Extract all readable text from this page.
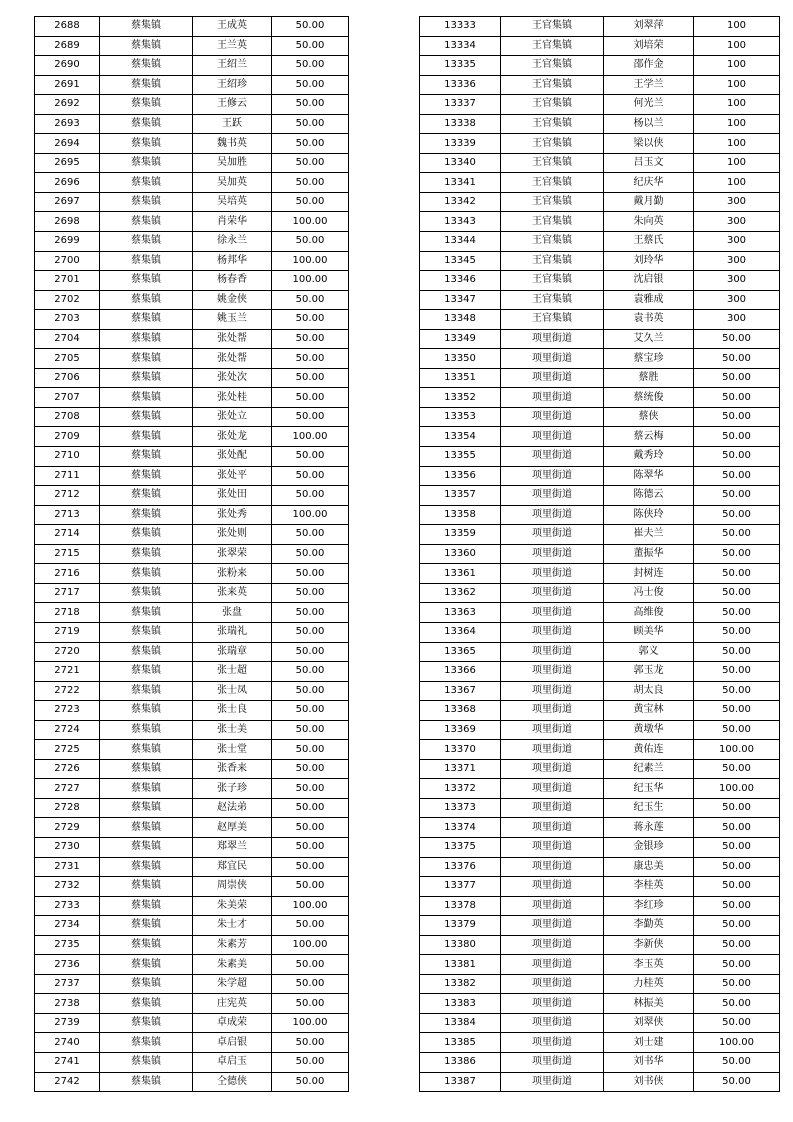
2688	蔡集镇	王成英	50.00
2689	蔡集镇	王兰英	50.00
2690	蔡集镇	王绍兰	50.00
2691	蔡集镇	王绍珍	50.00
2692	蔡集镇	王修云	50.00
2693	蔡集镇	王跃	50.00
2694	蔡集镇	魏书英	50.00
2695	蔡集镇	吴加胜	50.00
2696	蔡集镇	吴加英	50.00
2697	蔡集镇	吴培英	50.00
2698	蔡集镇	肖荣华	100.00
2699	蔡集镇	徐永兰	50.00
2700	蔡集镇	杨邦华	100.00
2701	蔡集镇	杨春香	100.00
2702	蔡集镇	姚金侠	50.00
2703	蔡集镇	姚玉兰	50.00
2704	蔡集镇	张处帮	50.00
2705	蔡集镇	张处帮	50.00
2706	蔡集镇	张处次	50.00
2707	蔡集镇	张处桂	50.00
2708	蔡集镇	张处立	50.00
2709	蔡集镇	张处龙	100.00
2710	蔡集镇	张处配	50.00
2711	蔡集镇	张处平	50.00
2712	蔡集镇	张处田	50.00
2713	蔡集镇	张处秀	100.00
2714	蔡集镇	张处则	50.00
2715	蔡集镇	张翠荣	50.00
2716	蔡集镇	张粉来	50.00
2717	蔡集镇	张来英	50.00
2718	蔡集镇	张盘	50.00
2719	蔡集镇	张瑞礼	50.00
2720	蔡集镇	张瑞章	50.00
2721	蔡集镇	张士超	50.00
2722	蔡集镇	张士凤	50.00
2723	蔡集镇	张士良	50.00
2724	蔡集镇	张士美	50.00
2725	蔡集镇	张士堂	50.00
2726	蔡集镇	张香来	50.00
2727	蔡集镇	张子珍	50.00
2728	蔡集镇	赵法弟	50.00
2729	蔡集镇	赵厚美	50.00
2730	蔡集镇	郑翠兰	50.00
2731	蔡集镇	郑宜民	50.00
2732	蔡集镇	周崇侠	50.00
2733	蔡集镇	朱美荣	100.00
2734	蔡集镇	朱士才	50.00
2735	蔡集镇	朱素芳	100.00
2736	蔡集镇	朱素美	50.00
2737	蔡集镇	朱学超	50.00
2738	蔡集镇	庄宪英	50.00
2739	蔡集镇	卓成荣	100.00
2740	蔡集镇	卓启银	50.00
2741	蔡集镇	卓启玉	50.00
2742	蔡集镇	仝德侠	50.00
13333	王官集镇	刘翠萍	100
13334	王官集镇	刘培荣	100
13335	王官集镇	邵作金	100
13336	王官集镇	王学兰	100
13337	王官集镇	何光兰	100
13338	王官集镇	杨以兰	100
13339	王官集镇	梁以侠	100
13340	王官集镇	吕玉文	100
13341	王官集镇	纪庆华	100
13342	王官集镇	戴月勤	300
13343	王官集镇	朱向英	300
13344	王官集镇	王蔡氏	300
13345	王官集镇	刘玲华	300
13346	王官集镇	沈启银	300
13347	王官集镇	袁雅成	300
13348	王官集镇	袁书英	300
13349	项里街道	艾久兰	50.00
13350	项里街道	蔡宝珍	50.00
13351	项里街道	蔡胜	50.00
13352	项里街道	蔡统俊	50.00
13353	项里街道	蔡侠	50.00
13354	项里街道	蔡云梅	50.00
13355	项里街道	戴秀玲	50.00
13356	项里街道	陈翠华	50.00
13357	项里街道	陈德云	50.00
13358	项里街道	陈侠玲	50.00
13359	项里街道	崔夫兰	50.00
13360	项里街道	董振华	50.00
13361	项里街道	封树连	50.00
13362	项里街道	冯士俊	50.00
13363	项里街道	高维俊	50.00
13364	项里街道	顾美华	50.00
13365	项里街道	郭义	50.00
13366	项里街道	郭玉龙	50.00
13367	项里街道	胡太良	50.00
13368	项里街道	黄宝林	50.00
13369	项里街道	黄墩华	50.00
13370	项里街道	黄佑连	100.00
13371	项里街道	纪素兰	50.00
13372	项里街道	纪玉华	100.00
13373	项里街道	纪玉生	50.00
13374	项里街道	蒋永莲	50.00
13375	项里街道	金银珍	50.00
13376	项里街道	康忠美	50.00
13377	项里街道	李桂英	50.00
13378	项里街道	李红珍	50.00
13379	项里街道	李勤英	50.00
13380	项里街道	李新侠	50.00
13381	项里街道	李玉英	50.00
13382	项里街道	力桂英	50.00
13383	项里街道	林振美	50.00
13384	项里街道	刘翠侠	50.00
13385	项里街道	刘士建	100.00
13386	项里街道	刘书华	50.00
13387	项里街道	刘书侠	50.00
